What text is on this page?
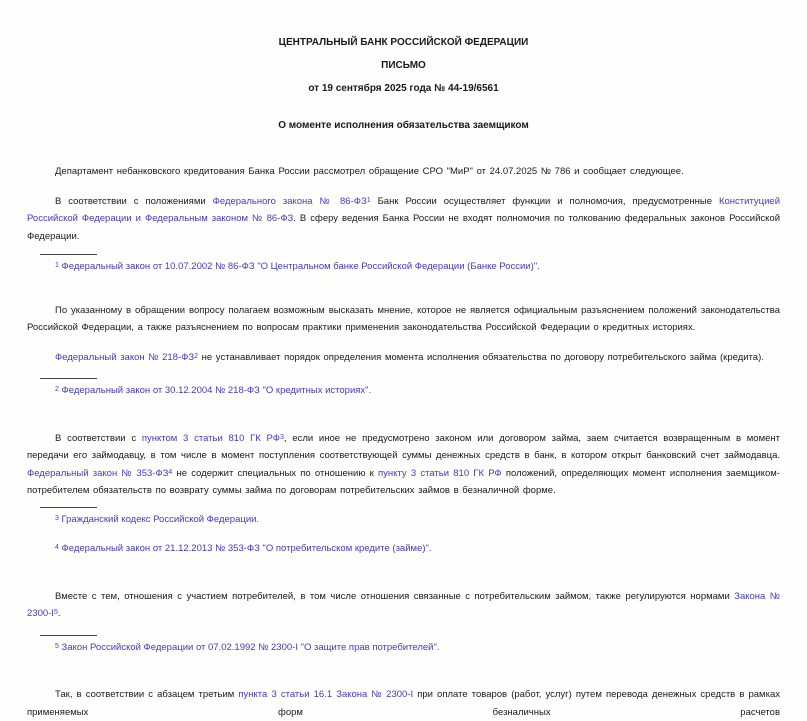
ЦЕНТРАЛЬНЫЙ БАНК РОССИЙСКОЙ ФЕДЕРАЦИИ
ПИСЬМО
от 19 сентября 2025 года № 44-19/6561
О моменте исполнения обязательства заемщиком

Департамент небанковского кредитования Банка России рассмотрел обращение СРО "МиР" от 24.07.2025 № 786 и сообщает следующее.

В соответствии с положениями Федерального закона № 86-ФЗ$^1$ Банк России осуществляет функции и полномочия, предусмотренные Конституцией Российской Федерации и Федеральным законом № 86-ФЗ. В сферу ведения Банка России не входят полномочия по толкованию федеральных законов Российской Федерации.

$^1$ Федеральный закон от 10.07.2002 № 86-ФЗ "О Центральном банке Российской Федерации (Банке России)".

По указанному в обращении вопросу полагаем возможным высказать мнение, которое не является официальным разъяснением положений законодательства Российской Федерации, а также разъяснением по вопросам практики применения законодательства Российской Федерации о кредитных историях.

Федеральный закон № 218-ФЗ$^2$ не устанавливает порядок определения момента исполнения обязательства по договору потребительского займа (кредита).

$^2$ Федеральный закон от 30.12.2004 № 218-ФЗ "О кредитных историях".

В соответствии с пунктом 3 статьи 810 ГК РФ$^3$, если иное не предусмотрено законом или договором займа, заем считается возвращенным в момент передачи его займодавцу, в том числе в момент поступления соответствующей суммы денежных средств в банк, в котором открыт банковский счет займодавца. Федеральный закон № 353-ФЗ$^4$ не содержит специальных по отношению к пункту 3 статьи 810 ГК РФ положений, определяющих момент исполнения заемщиком-потребителем обязательств по возврату суммы займа по договорам потребительских займов в безналичной форме.

$^3$ Гражданский кодекс Российской Федерации.

$^4$ Федеральный закон от 21.12.2013 № 353-ФЗ "О потребительском кредите (займе)".

Вместе с тем, отношения с участием потребителей, в том числе отношения связанные с потребительским займом, также регулируются нормами Закона № 2300-I$^5$.

$^5$ Закон Российской Федерации от 07.02.1992 № 2300-I "О защите прав потребителей".

Так, в соответствии с абзацем третьим пункта 3 статьи 16.1 Закона № 2300-I при оплате товаров (работ, услуг) путем перевода денежных средств в рамках применяемых форм безналичных расчетов
